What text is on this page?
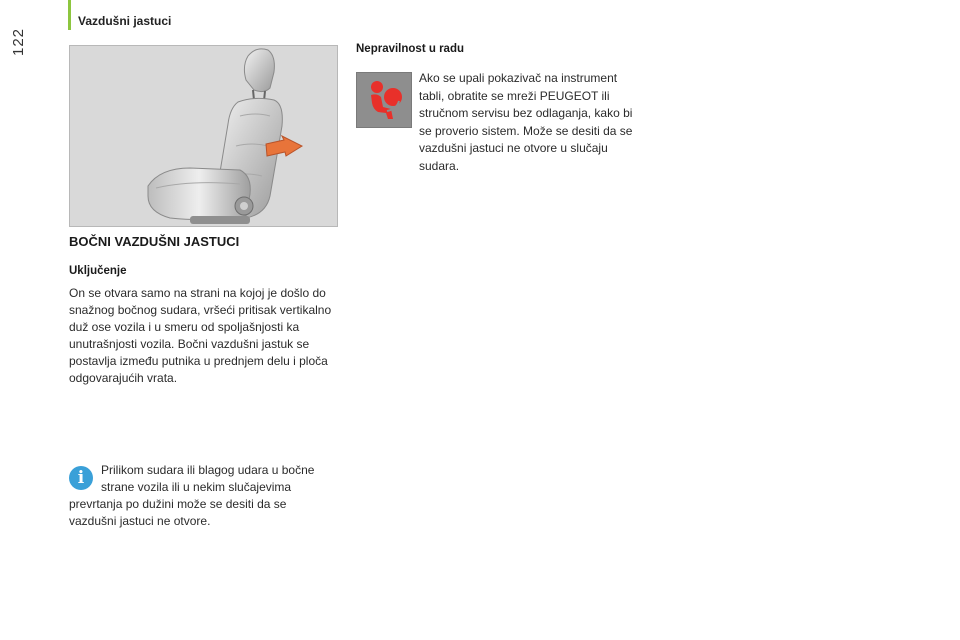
Vazdušni jastuci
122
BOČNI VAZDUŠNI JASTUCI
Uključenje

On se otvara samo na strani na kojoj je došlo do snažnog bočnog sudara, vršeći pritisak vertikalno duž ose vozila i u smeru od spoljašnjosti ka unutrašnjosti vozila. Bočni vazdušni jastuk se postavlja između putnika u prednjem delu i ploča odgovarajućih vrata.

i	Prilikom sudara ili blagog udara u bočne strane vozila ili u nekim slučajevima prevrtanja po dužini može se desiti da se vazdušni jastuci ne otvore.

Nepravilnost u radu

Ako se upali pokazivač na instrument tabli, obratite se mreži PEUGEOT ili stručnom servisu bez odlaganja, kako bi se proverio sistem. Može se desiti da se vazdušni jastuci ne otvore u slučaju sudara.
